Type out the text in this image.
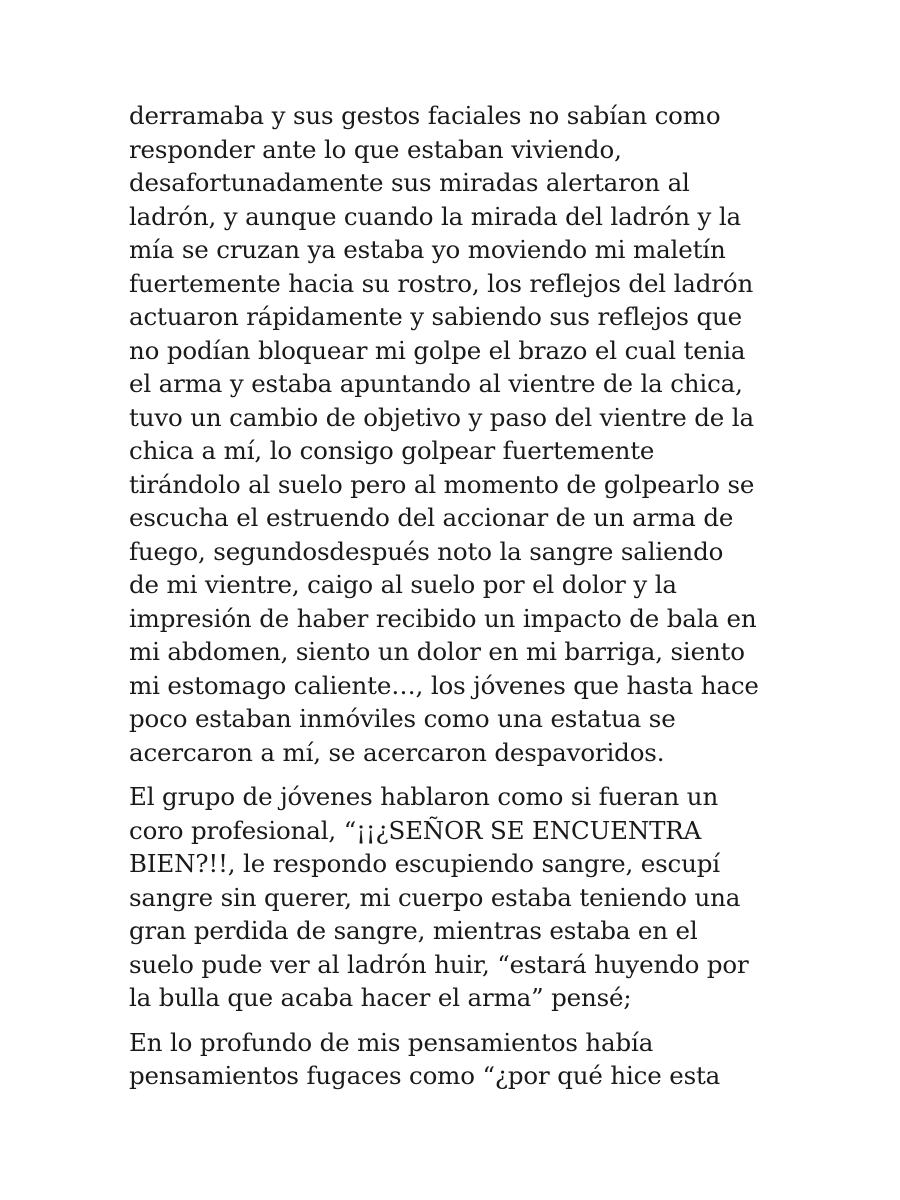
derramaba y sus gestos faciales no sabían como
responder ante lo que estaban viviendo,
desafortunadamente sus miradas alertaron al
ladrón, y aunque cuando la mirada del ladrón y la
mía se cruzan ya estaba yo moviendo mi maletín
fuertemente hacia su rostro, los reflejos del ladrón
actuaron rápidamente y sabiendo sus reflejos que
no podían bloquear mi golpe el brazo el cual tenia
el arma y estaba apuntando al vientre de la chica,
tuvo un cambio de objetivo y paso del vientre de la
chica a mí, lo consigo golpear fuertemente
tirándolo al suelo pero al momento de golpearlo se
escucha el estruendo del accionar de un arma de
fuego, segundosdespués noto la sangre saliendo
de mi vientre, caigo al suelo por el dolor y la
impresión de haber recibido un impacto de bala en
mi abdomen, siento un dolor en mi barriga, siento
mi estomago caliente…, los jóvenes que hasta hace
poco estaban inmóviles como una estatua se
acercaron a mí, se acercaron despavoridos.

El grupo de jóvenes hablaron como si fueran un
coro profesional, “¡¡¿SEÑOR SE ENCUENTRA
BIEN?!!, le respondo escupiendo sangre, escupí
sangre sin querer, mi cuerpo estaba teniendo una
gran perdida de sangre, mientras estaba en el
suelo pude ver al ladrón huir, “estará huyendo por
la bulla que acaba hacer el arma” pensé;

En lo profundo de mis pensamientos había
pensamientos fugaces como “¿por qué hice esta
